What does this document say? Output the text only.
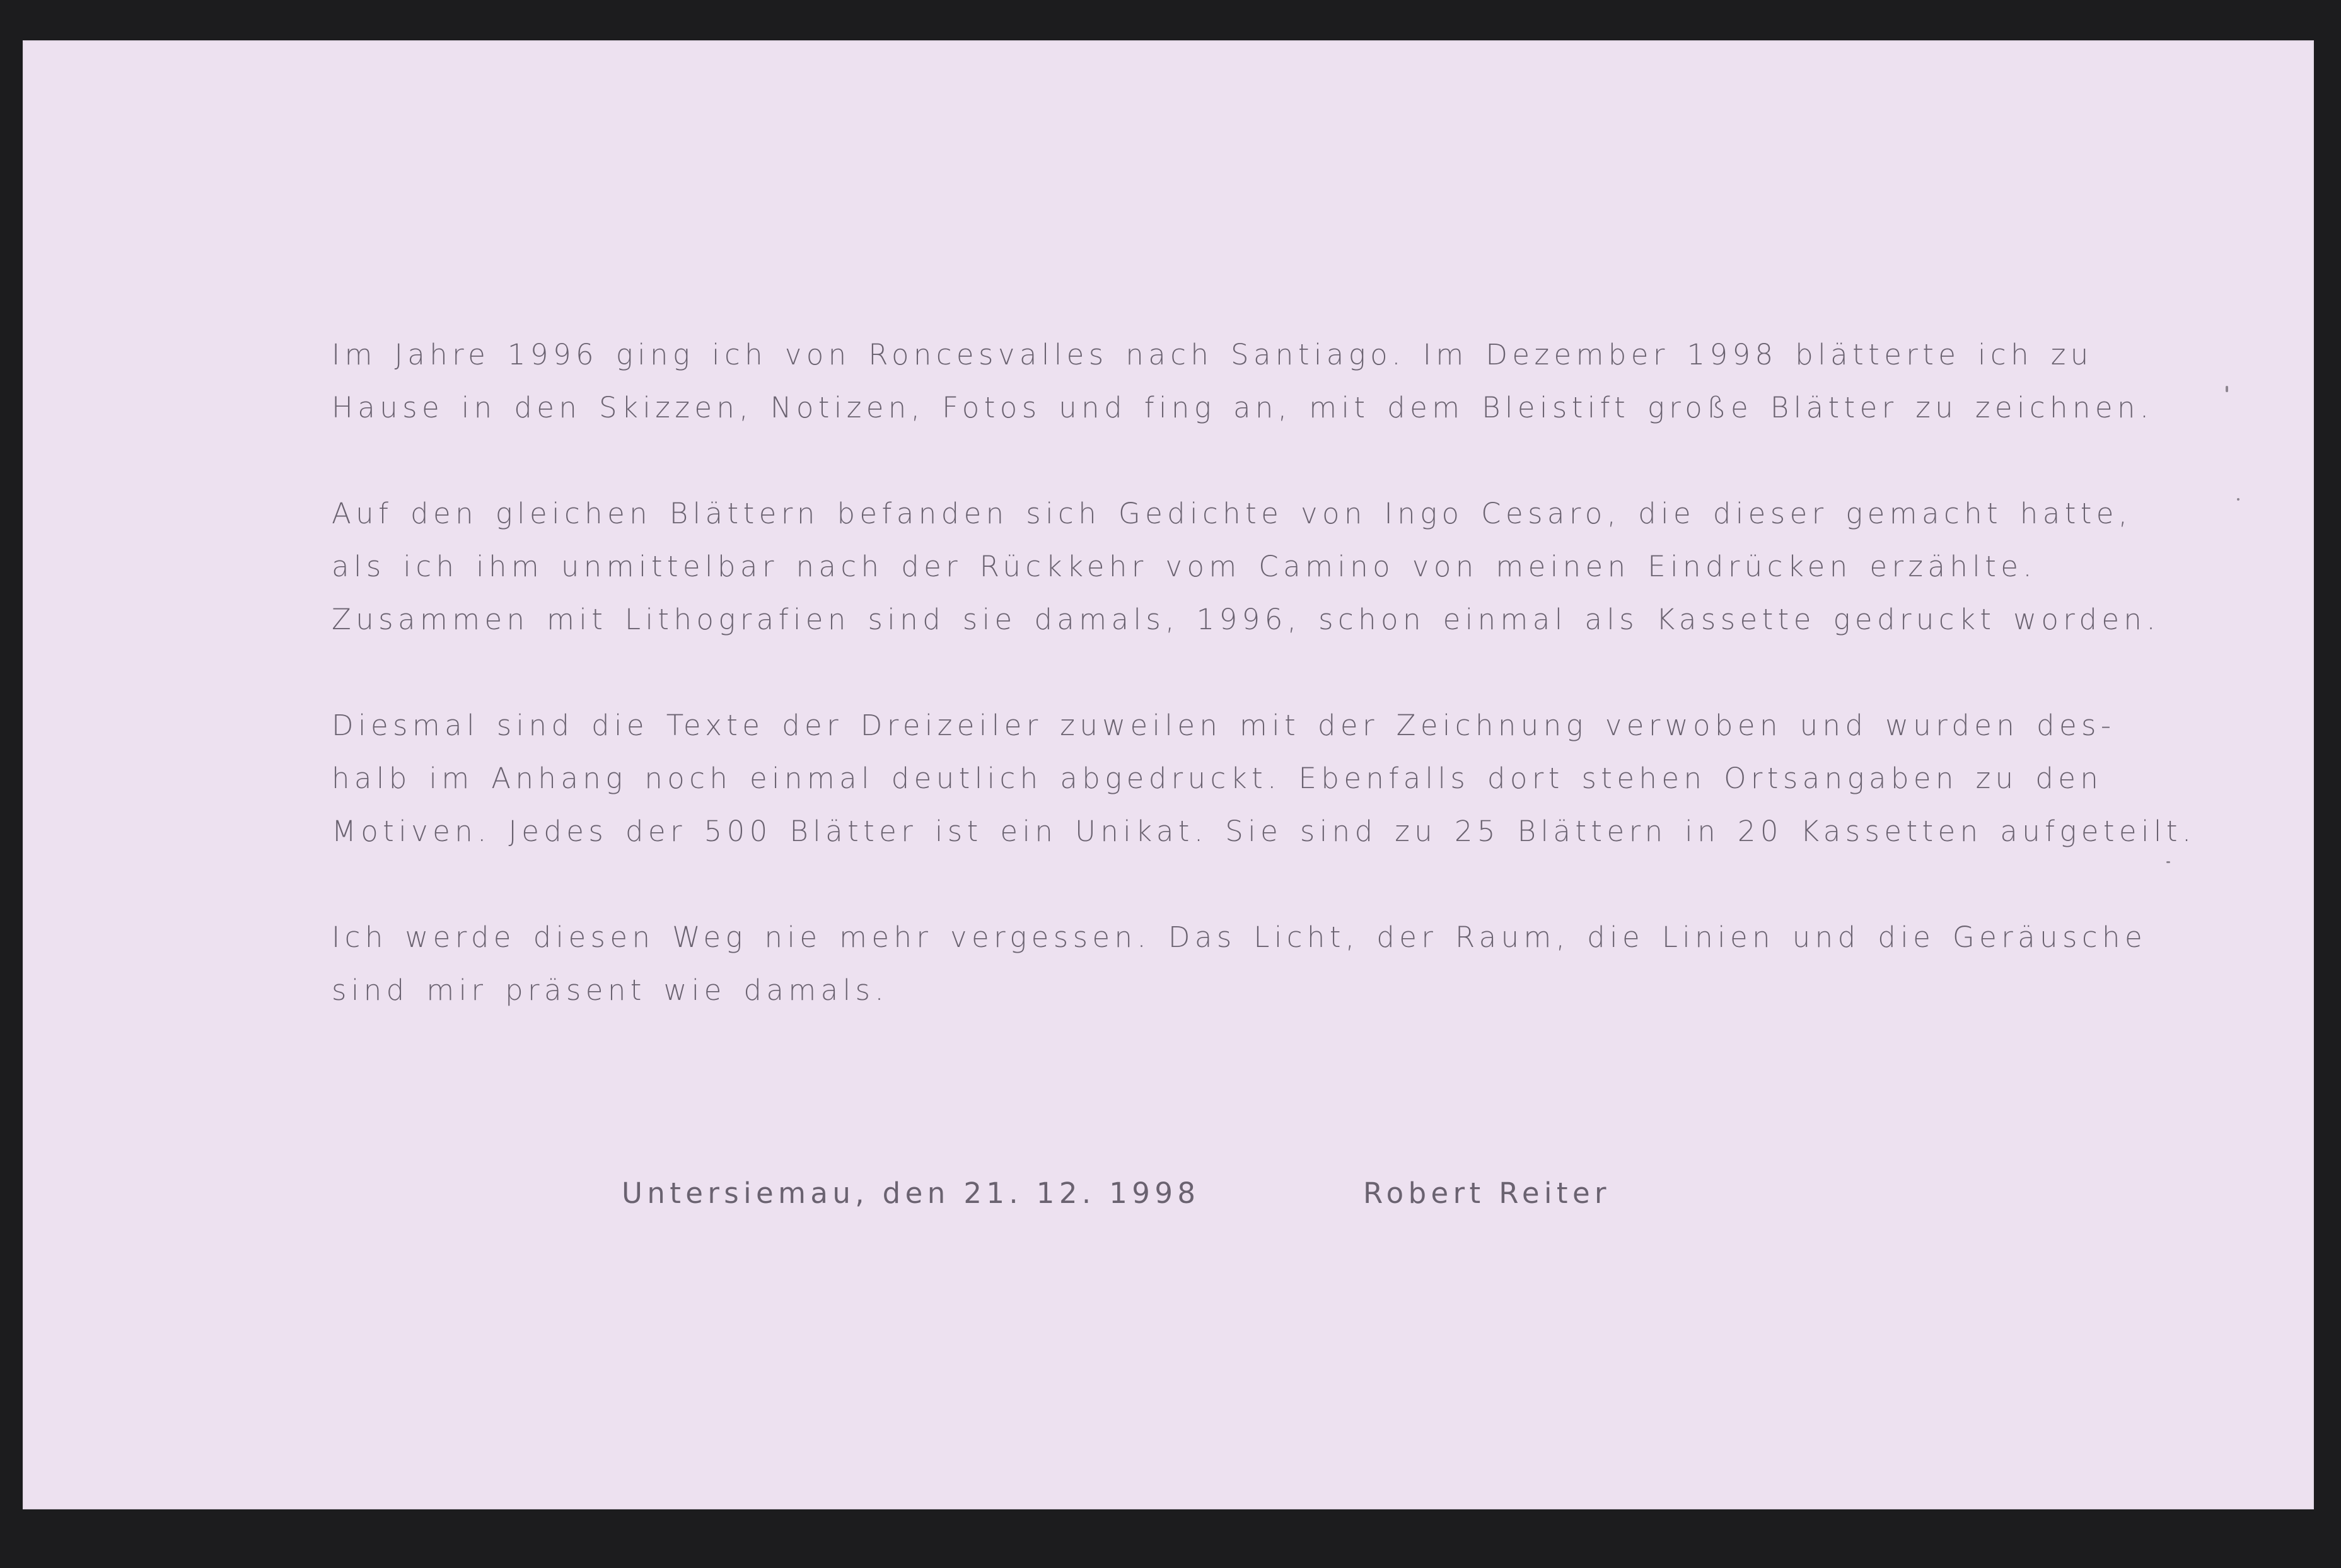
Im Jahre 1996 ging ich von Roncesvalles nach Santiago. Im Dezember 1998 blätterte ich zu
Hause in den Skizzen, Notizen, Fotos und fing an, mit dem Bleistift große Blätter zu zeichnen.
Auf den gleichen Blättern befanden sich Gedichte von Ingo Cesaro, die dieser gemacht hatte,
als ich ihm unmittelbar nach der Rückkehr vom Camino von meinen Eindrücken erzählte.
Zusammen mit Lithografien sind sie damals, 1996, schon einmal als Kassette gedruckt worden.
Diesmal sind die Texte der Dreizeiler zuweilen mit der Zeichnung verwoben und wurden des-
halb im Anhang noch einmal deutlich abgedruckt. Ebenfalls dort stehen Ortsangaben zu den
Motiven. Jedes der 500 Blätter ist ein Unikat. Sie sind zu 25 Blättern in 20 Kassetten aufgeteilt.
Ich werde diesen Weg nie mehr vergessen. Das Licht, der Raum, die Linien und die Geräusche
sind mir präsent wie damals.
Untersiemau, den 21. 12. 1998	Robert Reiter
